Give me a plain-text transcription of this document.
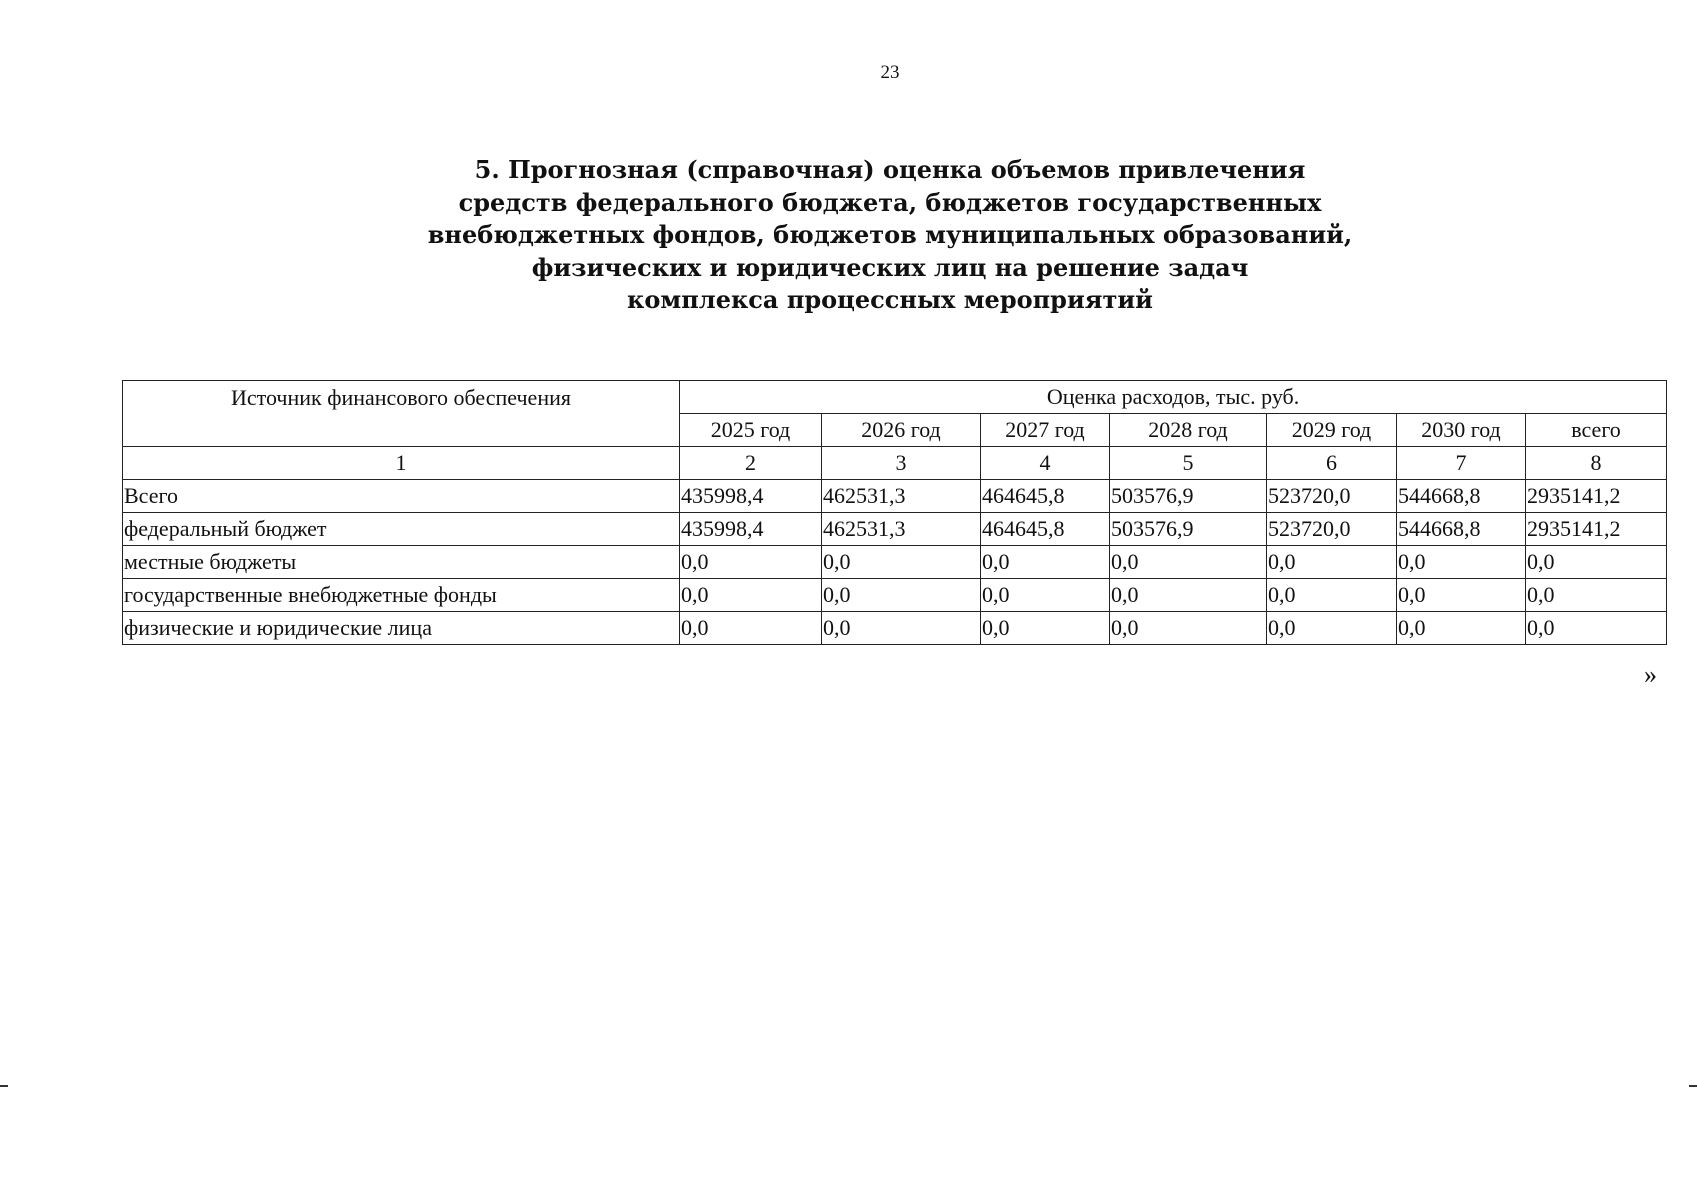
23
5. Прогнозная (справочная) оценка объемов привлечения
средств федерального бюджета, бюджетов государственных
внебюджетных фондов, бюджетов муниципальных образований,
физических и юридических лиц на решение задач
комплекса процессных мероприятий
Источник финансового обеспечения	Оценка расходов, тыс. руб.						
	2025 год	2026 год	2027 год	2028 год	2029 год	2030 год	всего
1	2	3	4	5	6	7	8
Всего	435998,4	462531,3	464645,8	503576,9	523720,0	544668,8	2935141,2
федеральный бюджет	435998,4	462531,3	464645,8	503576,9	523720,0	544668,8	2935141,2
местные бюджеты	0,0	0,0	0,0	0,0	0,0	0,0	0,0
государственные внебюджетные фонды	0,0	0,0	0,0	0,0	0,0	0,0	0,0
физические и юридические лица	0,0	0,0	0,0	0,0	0,0	0,0	0,0
»
